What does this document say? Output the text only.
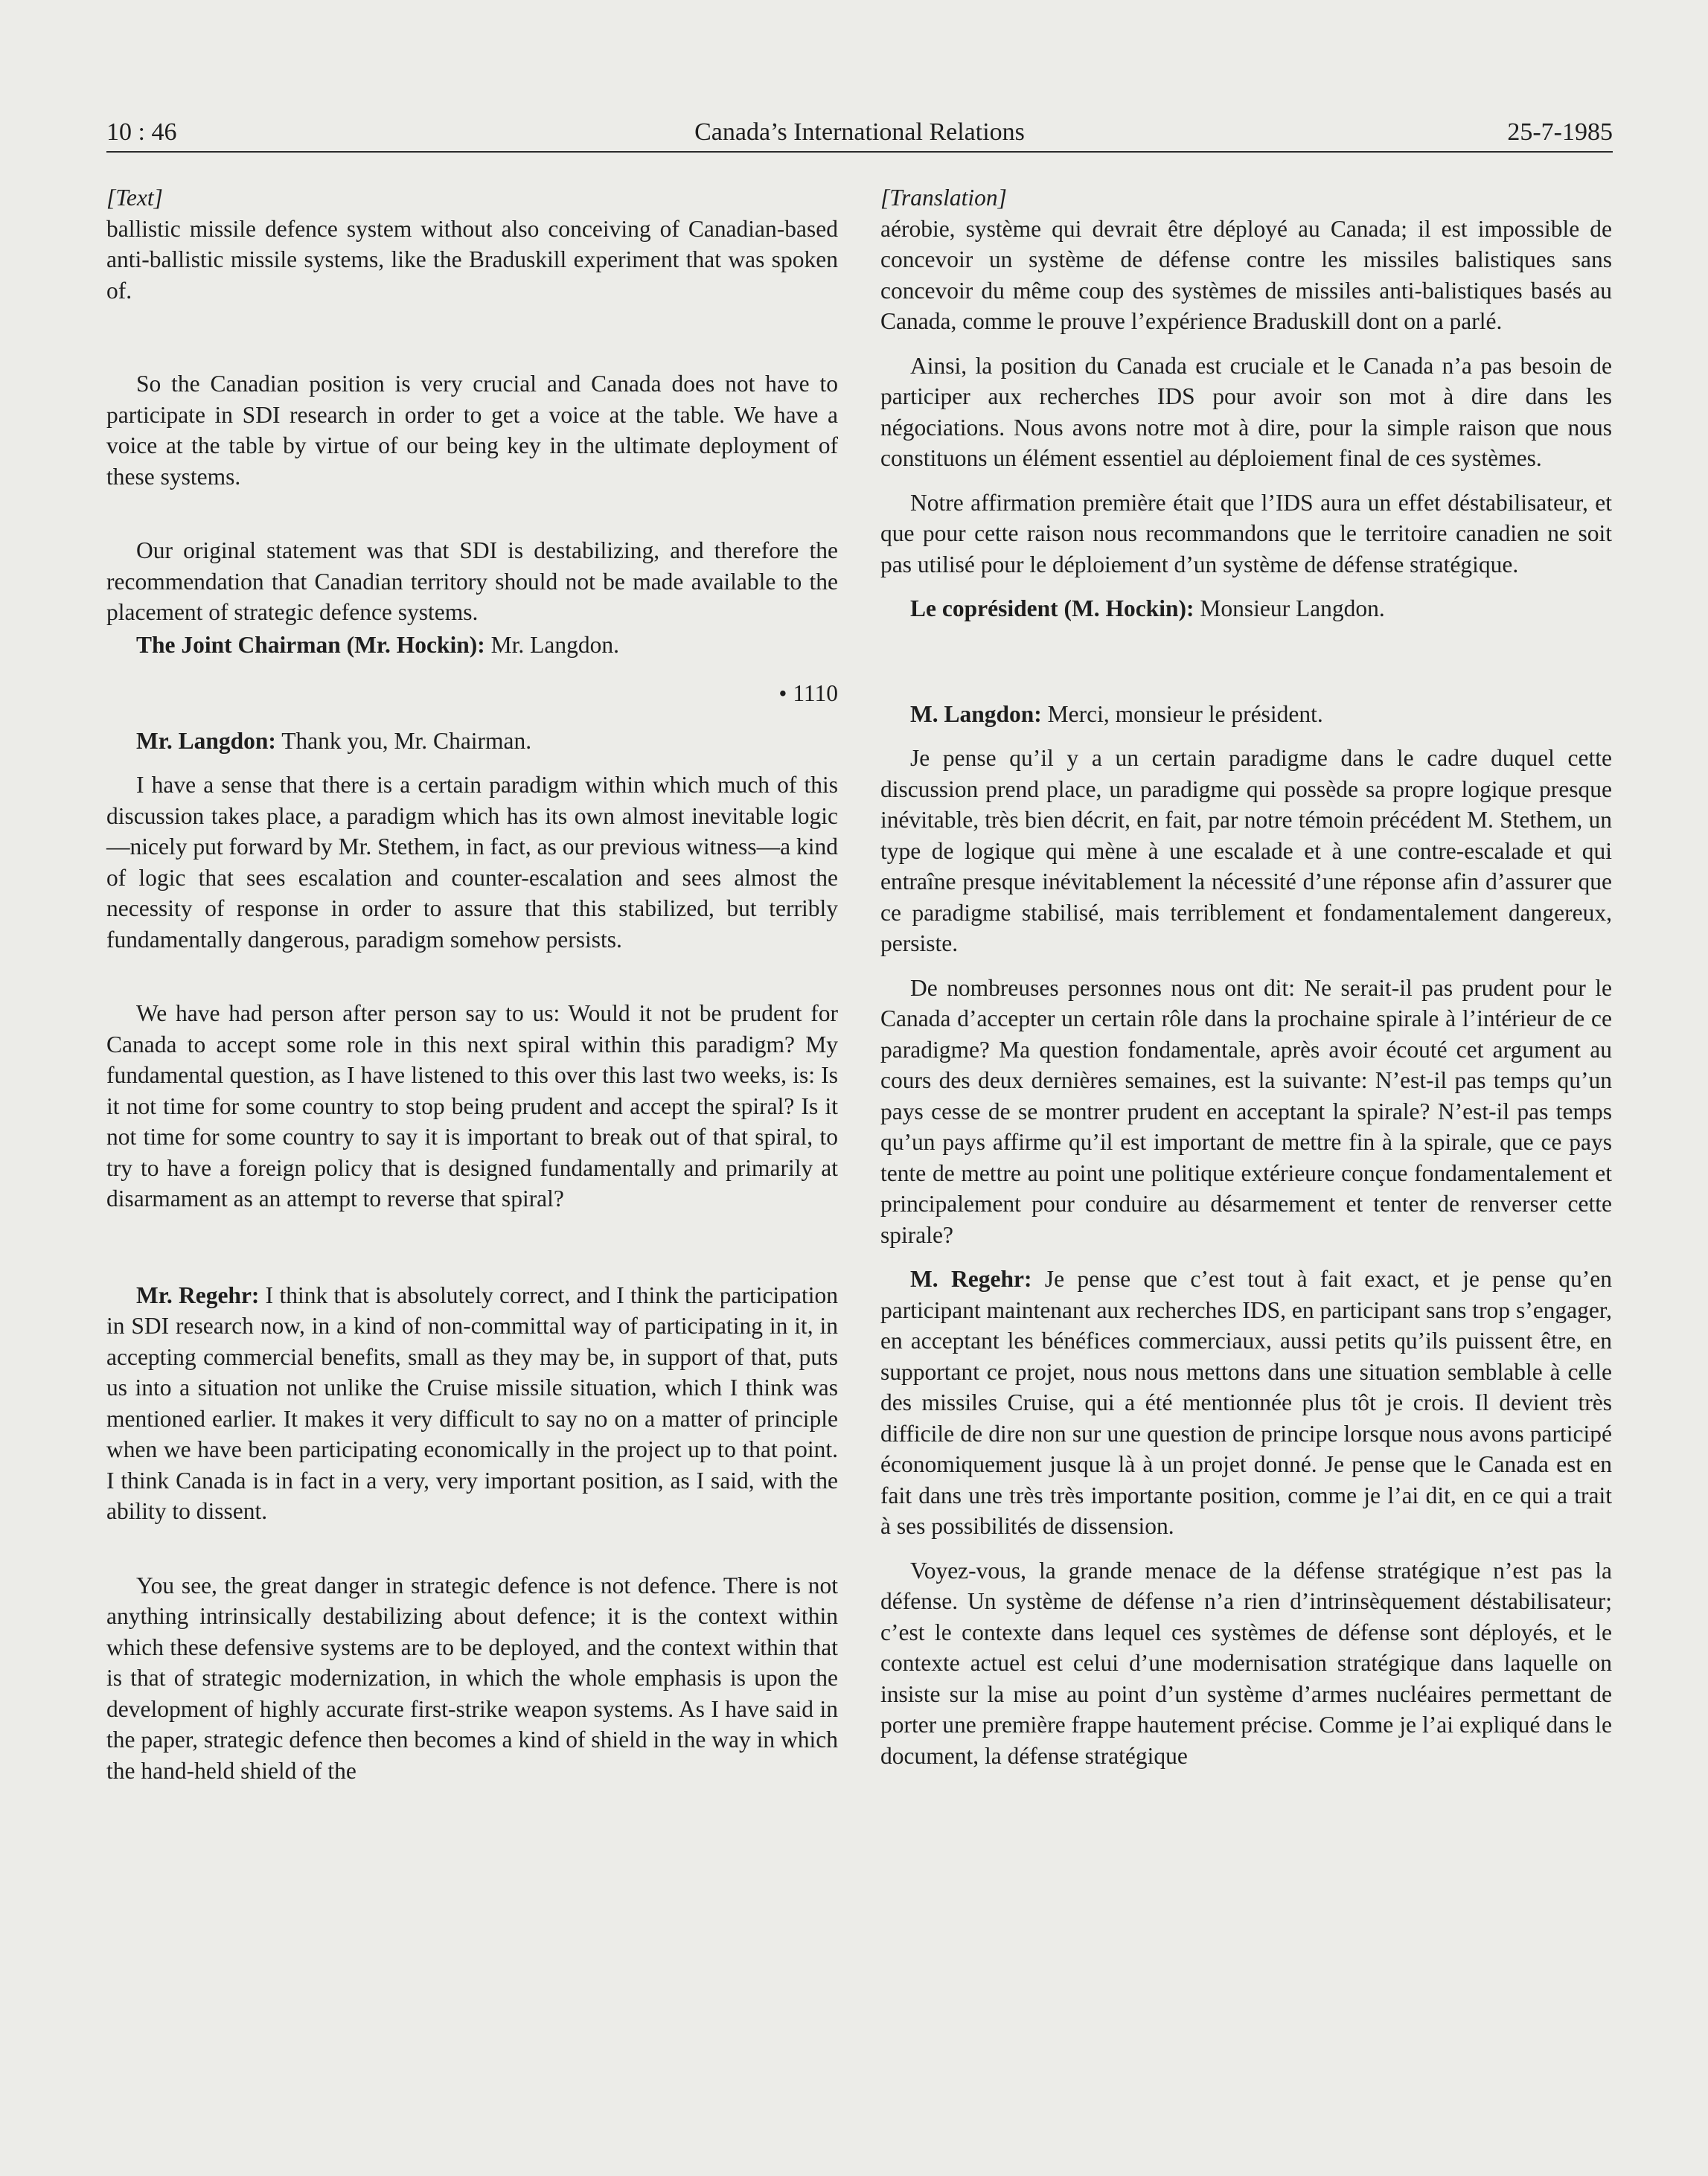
10 : 46	Canada’s International Relations	25-7-1985

[Text]

ballistic missile defence system without also conceiving of Canadian-based anti-ballistic missile systems, like the Braduskill experiment that was spoken of.

So the Canadian position is very crucial and Canada does not have to participate in SDI research in order to get a voice at the table. We have a voice at the table by virtue of our being key in the ultimate deployment of these systems.

Our original statement was that SDI is destabilizing, and therefore the recommendation that Canadian territory should not be made available to the placement of strategic defence systems.

The Joint Chairman (Mr. Hockin): Mr. Langdon.

• 1110

Mr. Langdon: Thank you, Mr. Chairman.

I have a sense that there is a certain paradigm within which much of this discussion takes place, a paradigm which has its own almost inevitable logic—nicely put forward by Mr. Stethem, in fact, as our previous witness—a kind of logic that sees escalation and counter-escalation and sees almost the necessity of response in order to assure that this stabilized, but terribly fundamentally dangerous, paradigm somehow persists.

We have had person after person say to us: Would it not be prudent for Canada to accept some role in this next spiral within this paradigm? My fundamental question, as I have listened to this over this last two weeks, is: Is it not time for some country to stop being prudent and accept the spiral? Is it not time for some country to say it is important to break out of that spiral, to try to have a foreign policy that is designed fundamentally and primarily at disarmament as an attempt to reverse that spiral?

Mr. Regehr: I think that is absolutely correct, and I think the participation in SDI research now, in a kind of non-committal way of participating in it, in accepting commercial benefits, small as they may be, in support of that, puts us into a situation not unlike the Cruise missile situation, which I think was mentioned earlier. It makes it very difficult to say no on a matter of principle when we have been participating economically in the project up to that point. I think Canada is in fact in a very, very important position, as I said, with the ability to dissent.

You see, the great danger in strategic defence is not defence. There is not anything intrinsically destabilizing about defence; it is the context within which these defensive systems are to be deployed, and the context within that is that of strategic modernization, in which the whole emphasis is upon the development of highly accurate first-strike weapon systems. As I have said in the paper, strategic defence then becomes a kind of shield in the way in which the hand-held shield of the

[Translation]

aérobie, système qui devrait être déployé au Canada; il est impossible de concevoir un système de défense contre les missiles balistiques sans concevoir du même coup des systèmes de missiles anti-balistiques basés au Canada, comme le prouve l’expérience Braduskill dont on a parlé.

Ainsi, la position du Canada est cruciale et le Canada n’a pas besoin de participer aux recherches IDS pour avoir son mot à dire dans les négociations. Nous avons notre mot à dire, pour la simple raison que nous constituons un élément essentiel au déploiement final de ces systèmes.

Notre affirmation première était que l’IDS aura un effet déstabilisateur, et que pour cette raison nous recommandons que le territoire canadien ne soit pas utilisé pour le déploiement d’un système de défense stratégique.

Le coprésident (M. Hockin): Monsieur Langdon.

M. Langdon: Merci, monsieur le président.

Je pense qu’il y a un certain paradigme dans le cadre duquel cette discussion prend place, un paradigme qui possède sa propre logique presque inévitable, très bien décrit, en fait, par notre témoin précédent M. Stethem, un type de logique qui mène à une escalade et à une contre-escalade et qui entraîne presque inévitablement la nécessité d’une réponse afin d’assurer que ce paradigme stabilisé, mais terriblement et fondamentalement dangereux, persiste.

De nombreuses personnes nous ont dit: Ne serait-il pas prudent pour le Canada d’accepter un certain rôle dans la prochaine spirale à l’intérieur de ce paradigme? Ma question fondamentale, après avoir écouté cet argument au cours des deux dernières semaines, est la suivante: N’est-il pas temps qu’un pays cesse de se montrer prudent en acceptant la spirale? N’est-il pas temps qu’un pays affirme qu’il est important de mettre fin à la spirale, que ce pays tente de mettre au point une politique extérieure conçue fondamentalement et principalement pour conduire au désarmement et tenter de renverser cette spirale?

M. Regehr: Je pense que c’est tout à fait exact, et je pense qu’en participant maintenant aux recherches IDS, en participant sans trop s’engager, en acceptant les bénéfices commerciaux, aussi petits qu’ils puissent être, en supportant ce projet, nous nous mettons dans une situation semblable à celle des missiles Cruise, qui a été mentionnée plus tôt je crois. Il devient très difficile de dire non sur une question de principe lorsque nous avons participé économiquement jusque là à un projet donné. Je pense que le Canada est en fait dans une très très importante position, comme je l’ai dit, en ce qui a trait à ses possibilités de dissension.

Voyez-vous, la grande menace de la défense stratégique n’est pas la défense. Un système de défense n’a rien d’intrinsèquement déstabilisateur; c’est le contexte dans lequel ces systèmes de défense sont déployés, et le contexte actuel est celui d’une modernisation stratégique dans laquelle on insiste sur la mise au point d’un système d’armes nucléaires permettant de porter une première frappe hautement précise. Comme je l’ai expliqué dans le document, la défense stratégique
